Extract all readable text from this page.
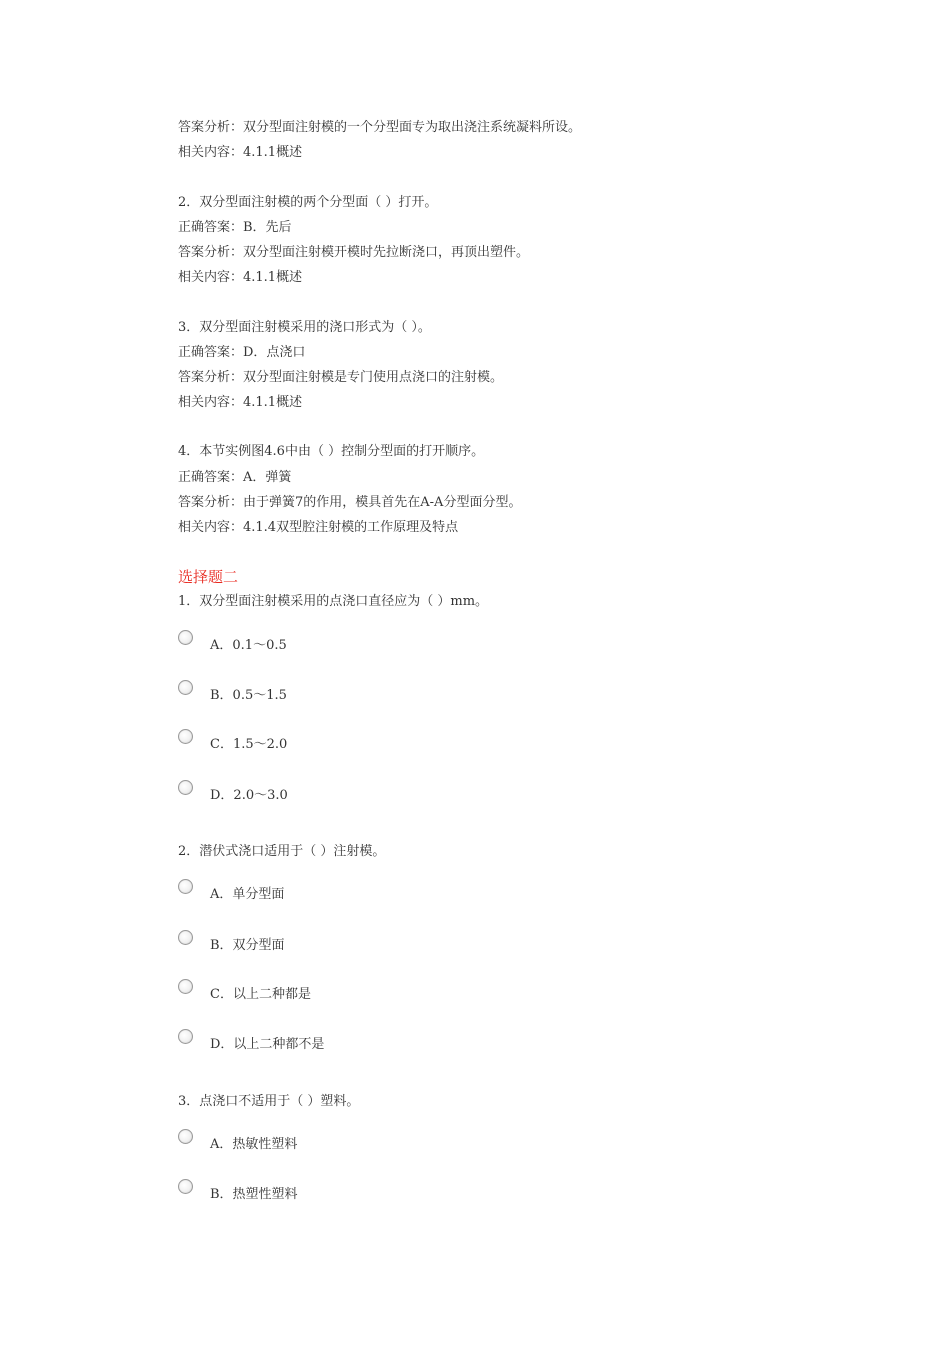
答案分析：双分型面注射模的一个分型面专为取出浇注系统凝料所设。
相关内容：4.1.1概述
2．双分型面注射模的两个分型面（ ）打开。
正确答案：B．先后
答案分析：双分型面注射模开模时先拉断浇口，再顶出塑件。
相关内容：4.1.1概述
3．双分型面注射模采用的浇口形式为（ ）。
正确答案：D．点浇口
答案分析：双分型面注射模是专门使用点浇口的注射模。
相关内容：4.1.1概述
4．本节实例图4.6中由（ ）控制分型面的打开顺序。
正确答案：A．弹簧
答案分析：由于弹簧7的作用，模具首先在A-A分型面分型。
相关内容：4.1.4双型腔注射模的工作原理及特点
选择题二
1．双分型面注射模采用的点浇口直径应为（ ）mm。
A．0.1～0.5
B．0.5～1.5
C．1.5～2.0
D．2.0～3.0
2．潜伏式浇口适用于（ ）注射模。
A．单分型面
B．双分型面
C．以上二种都是
D．以上二种都不是
3．点浇口不适用于（ ）塑料。
A．热敏性塑料
B．热塑性塑料
